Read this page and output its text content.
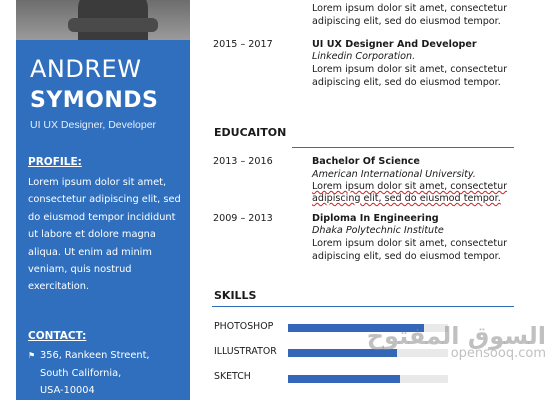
ANDREW
SYMONDS
UI UX Designer, Developer
PROFILE:
Lorem ipsum dolor sit amet,
consectetur adipiscing elit, sed
do eiusmod tempor incididunt
ut labore et dolore magna
aliqua. Ut enim ad minim
veniam, quis nostrud
exercitation.
CONTACT:
⚑ 356, Rankeen Streent,
South California,
USA-10004
Lorem ipsum dolor sit amet, consectetur
adipiscing elit, sed do eiusmod tempor.
2015 – 2017	UI UX Designer And Developer
Linkedin Corporation.
Lorem ipsum dolor sit amet, consectetur
adipiscing elit, sed do eiusmod tempor.
EDUCAITON
2013 – 2016	Bachelor Of Science
American International University.
Lorem ipsum dolor sit amet, consectetur
adipiscing elit, sed do eiusmod tempor.
2009 – 2013	Diploma In Engineering
Dhaka Polytechnic Institute
Lorem ipsum dolor sit amet, consectetur
adipiscing elit, sed do eiusmod tempor.
SKILLS
PHOTOSHOP
ILLUSTRATOR
SKETCH
السوق المفتوح
opensooq.com
